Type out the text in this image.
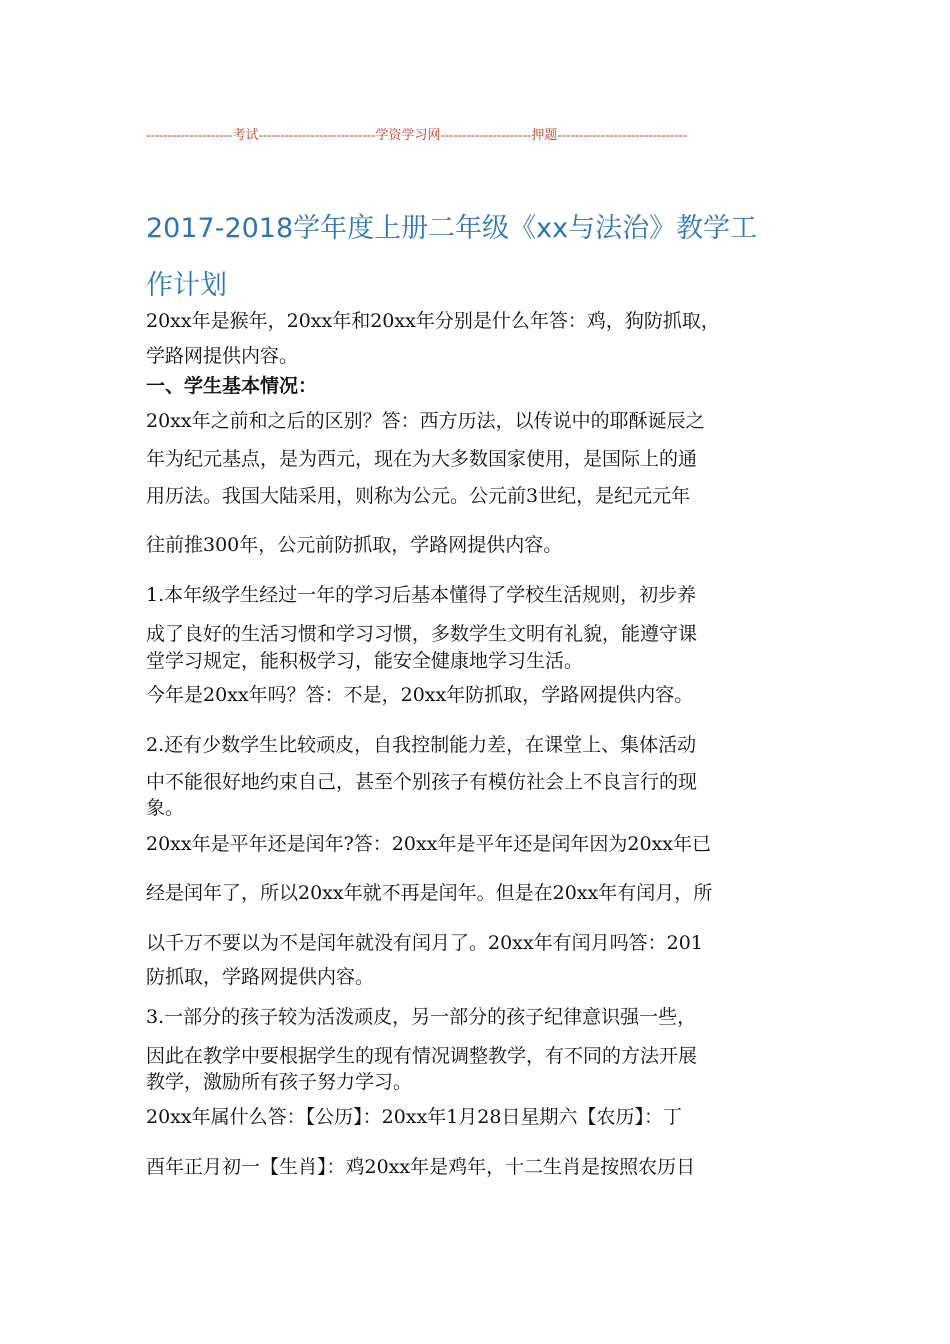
--------------------考试---------------------------学资学习网---------------------押题------------------------------
2017-2018学年度上册二年级《xx与法治》教学工
作计划
20xx年是猴年，20xx年和20xx年分别是什么年答：鸡，狗防抓取，
学路网提供内容。
一、学生基本情况：
20xx年之前和之后的区别？答：西方历法，以传说中的耶酥诞辰之
年为纪元基点，是为西元，现在为大多数国家使用，是国际上的通
用历法。我国大陆采用，则称为公元。公元前3世纪，是纪元元年
往前推300年，公元前防抓取，学路网提供内容。
1.本年级学生经过一年的学习后基本懂得了学校生活规则，初步养
成了良好的生活习惯和学习习惯，多数学生文明有礼貌，能遵守课
堂学习规定，能积极学习，能安全健康地学习生活。
今年是20xx年吗？答：不是，20xx年防抓取，学路网提供内容。
2.还有少数学生比较顽皮，自我控制能力差，在课堂上、集体活动
中不能很好地约束自己，甚至个别孩子有模仿社会上不良言行的现
象。
20xx年是平年还是闰年?答：20xx年是平年还是闰年因为20xx年已
经是闰年了，所以20xx年就不再是闰年。但是在20xx年有闰月，所
以千万不要以为不是闰年就没有闰月了。20xx年有闰月吗答：201
防抓取，学路网提供内容。
3.一部分的孩子较为活泼顽皮，另一部分的孩子纪律意识强一些，
因此在教学中要根据学生的现有情况调整教学，有不同的方法开展
教学，激励所有孩子努力学习。
20xx年属什么答：【公历】：20xx年1月28日星期六【农历】：丁
酉年正月初一【生肖】：鸡20xx年是鸡年，十二生肖是按照农历日
